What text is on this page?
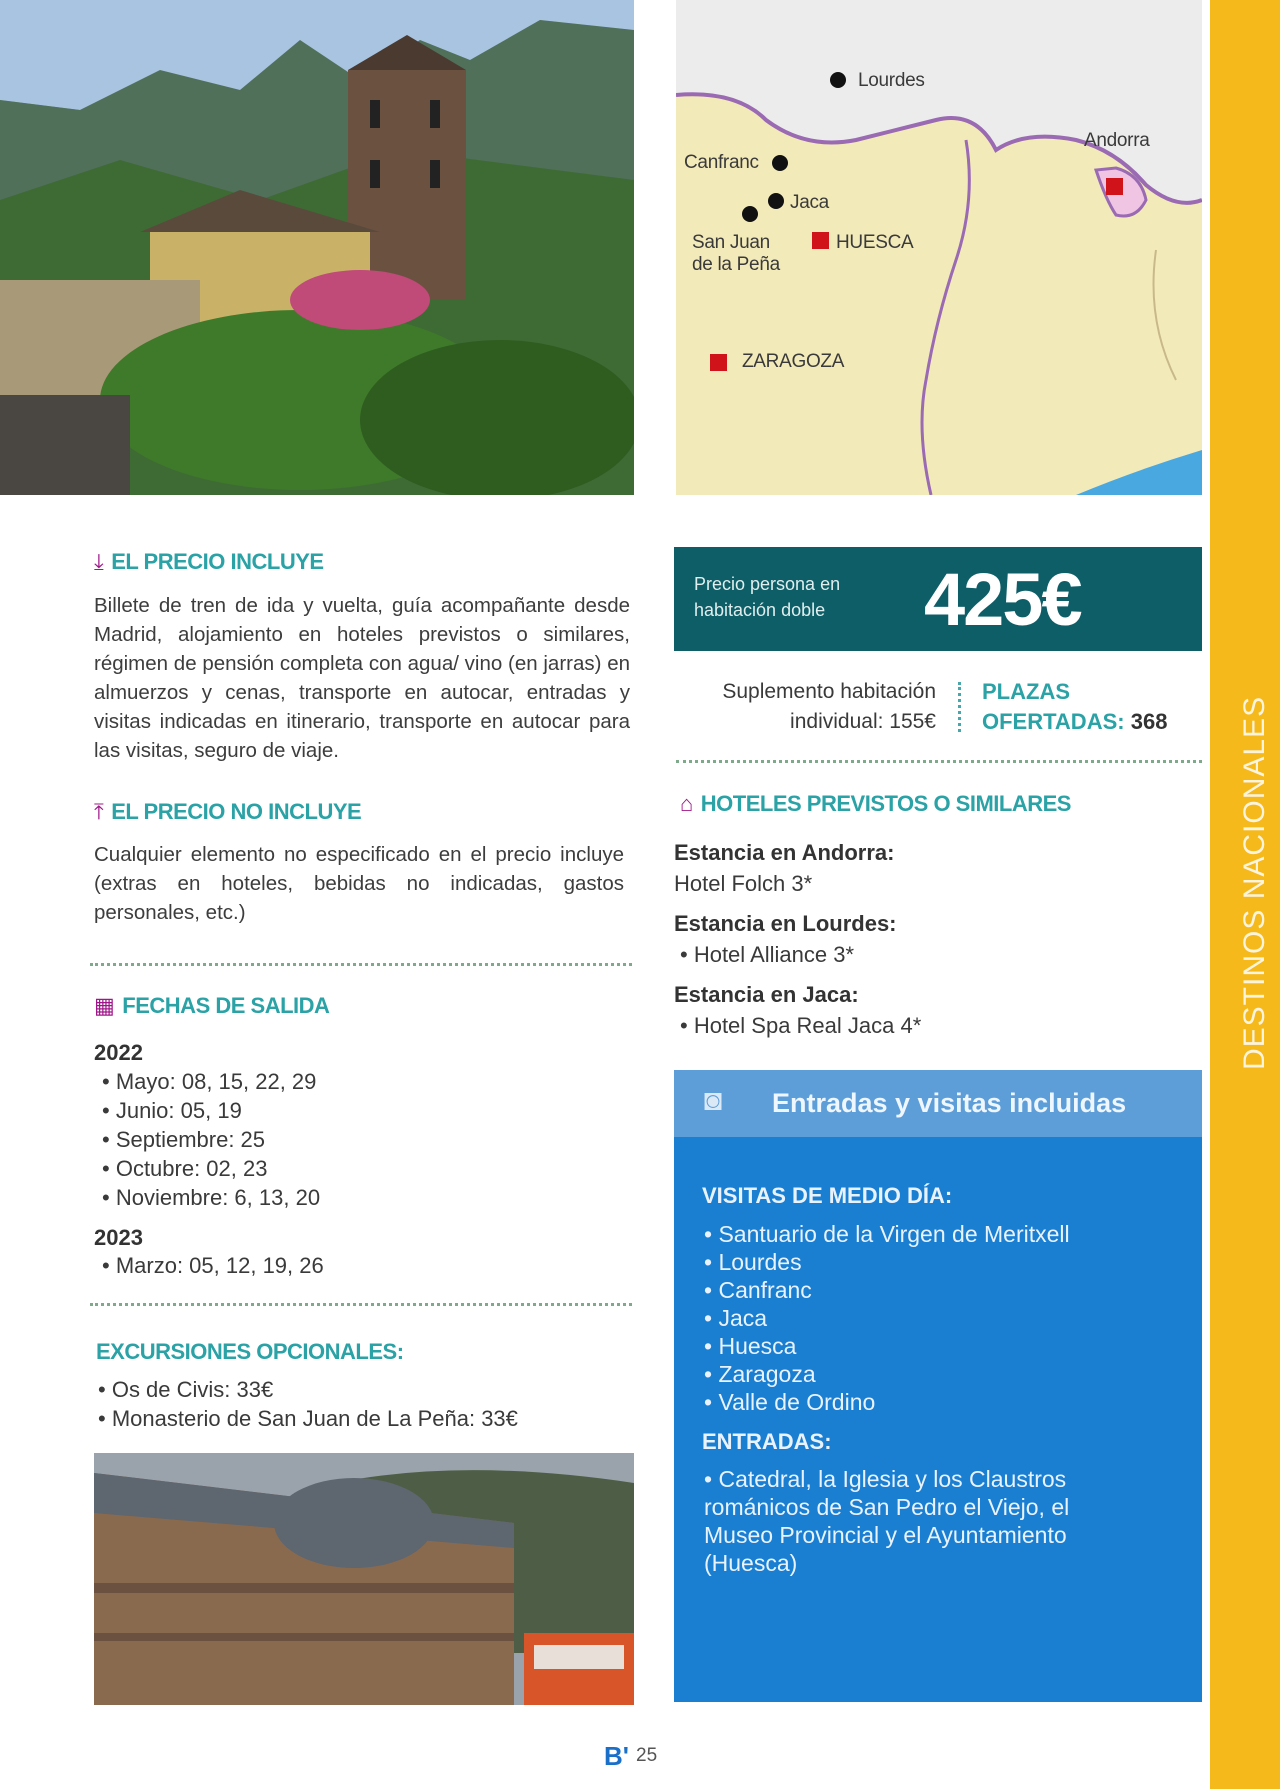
Lourdes
Andorra
Canfranc
Jaca
San Juan
de la Peña
HUESCA
ZARAGOZA
DESTINOS NACIONALES
⤓ EL PRECIO INCLUYE
Billete de tren de ida y vuelta, guía acompañante desde Madrid, alojamiento en hoteles previstos o similares, régimen de pensión completa con agua/ vino (en jarras) en almuerzos y cenas, transporte en autocar, entradas y visitas indicadas en itinerario, transporte en autocar para las visitas, seguro de viaje.
⤒ EL PRECIO NO INCLUYE
Cualquier elemento no especificado en el precio incluye (extras en hoteles, bebidas no indicadas, gastos personales, etc.)
▦ FECHAS DE SALIDA
2022
• Mayo: 08, 15, 22, 29
• Junio: 05, 19
• Septiembre: 25
• Octubre: 02, 23
• Noviembre: 6, 13, 20
2023
• Marzo: 05, 12, 19, 26
EXCURSIONES OPCIONALES:
• Os de Civis: 33€
• Monasterio de San Juan de La Peña: 33€
Precio persona en habitación doble	425€
Suplemento habitación
individual: 155€
PLAZAS
OFERTADAS: 368
⌂ HOTELES PREVISTOS O SIMILARES
Estancia en Andorra:
Hotel Folch 3*
Estancia en Lourdes:
• Hotel Alliance 3*
Estancia en Jaca:
• Hotel Spa Real Jaca 4*
◙ Entradas y visitas incluidas
VISITAS DE MEDIO DÍA:
• Santuario de la Virgen de Meritxell
• Lourdes
• Canfranc
• Jaca
• Huesca
• Zaragoza
• Valle de Ordino
ENTRADAS:
• Catedral, la Iglesia y los Claustros románicos de San Pedro el Viejo, el Museo Provincial y el Ayuntamiento (Huesca)
B' 25
